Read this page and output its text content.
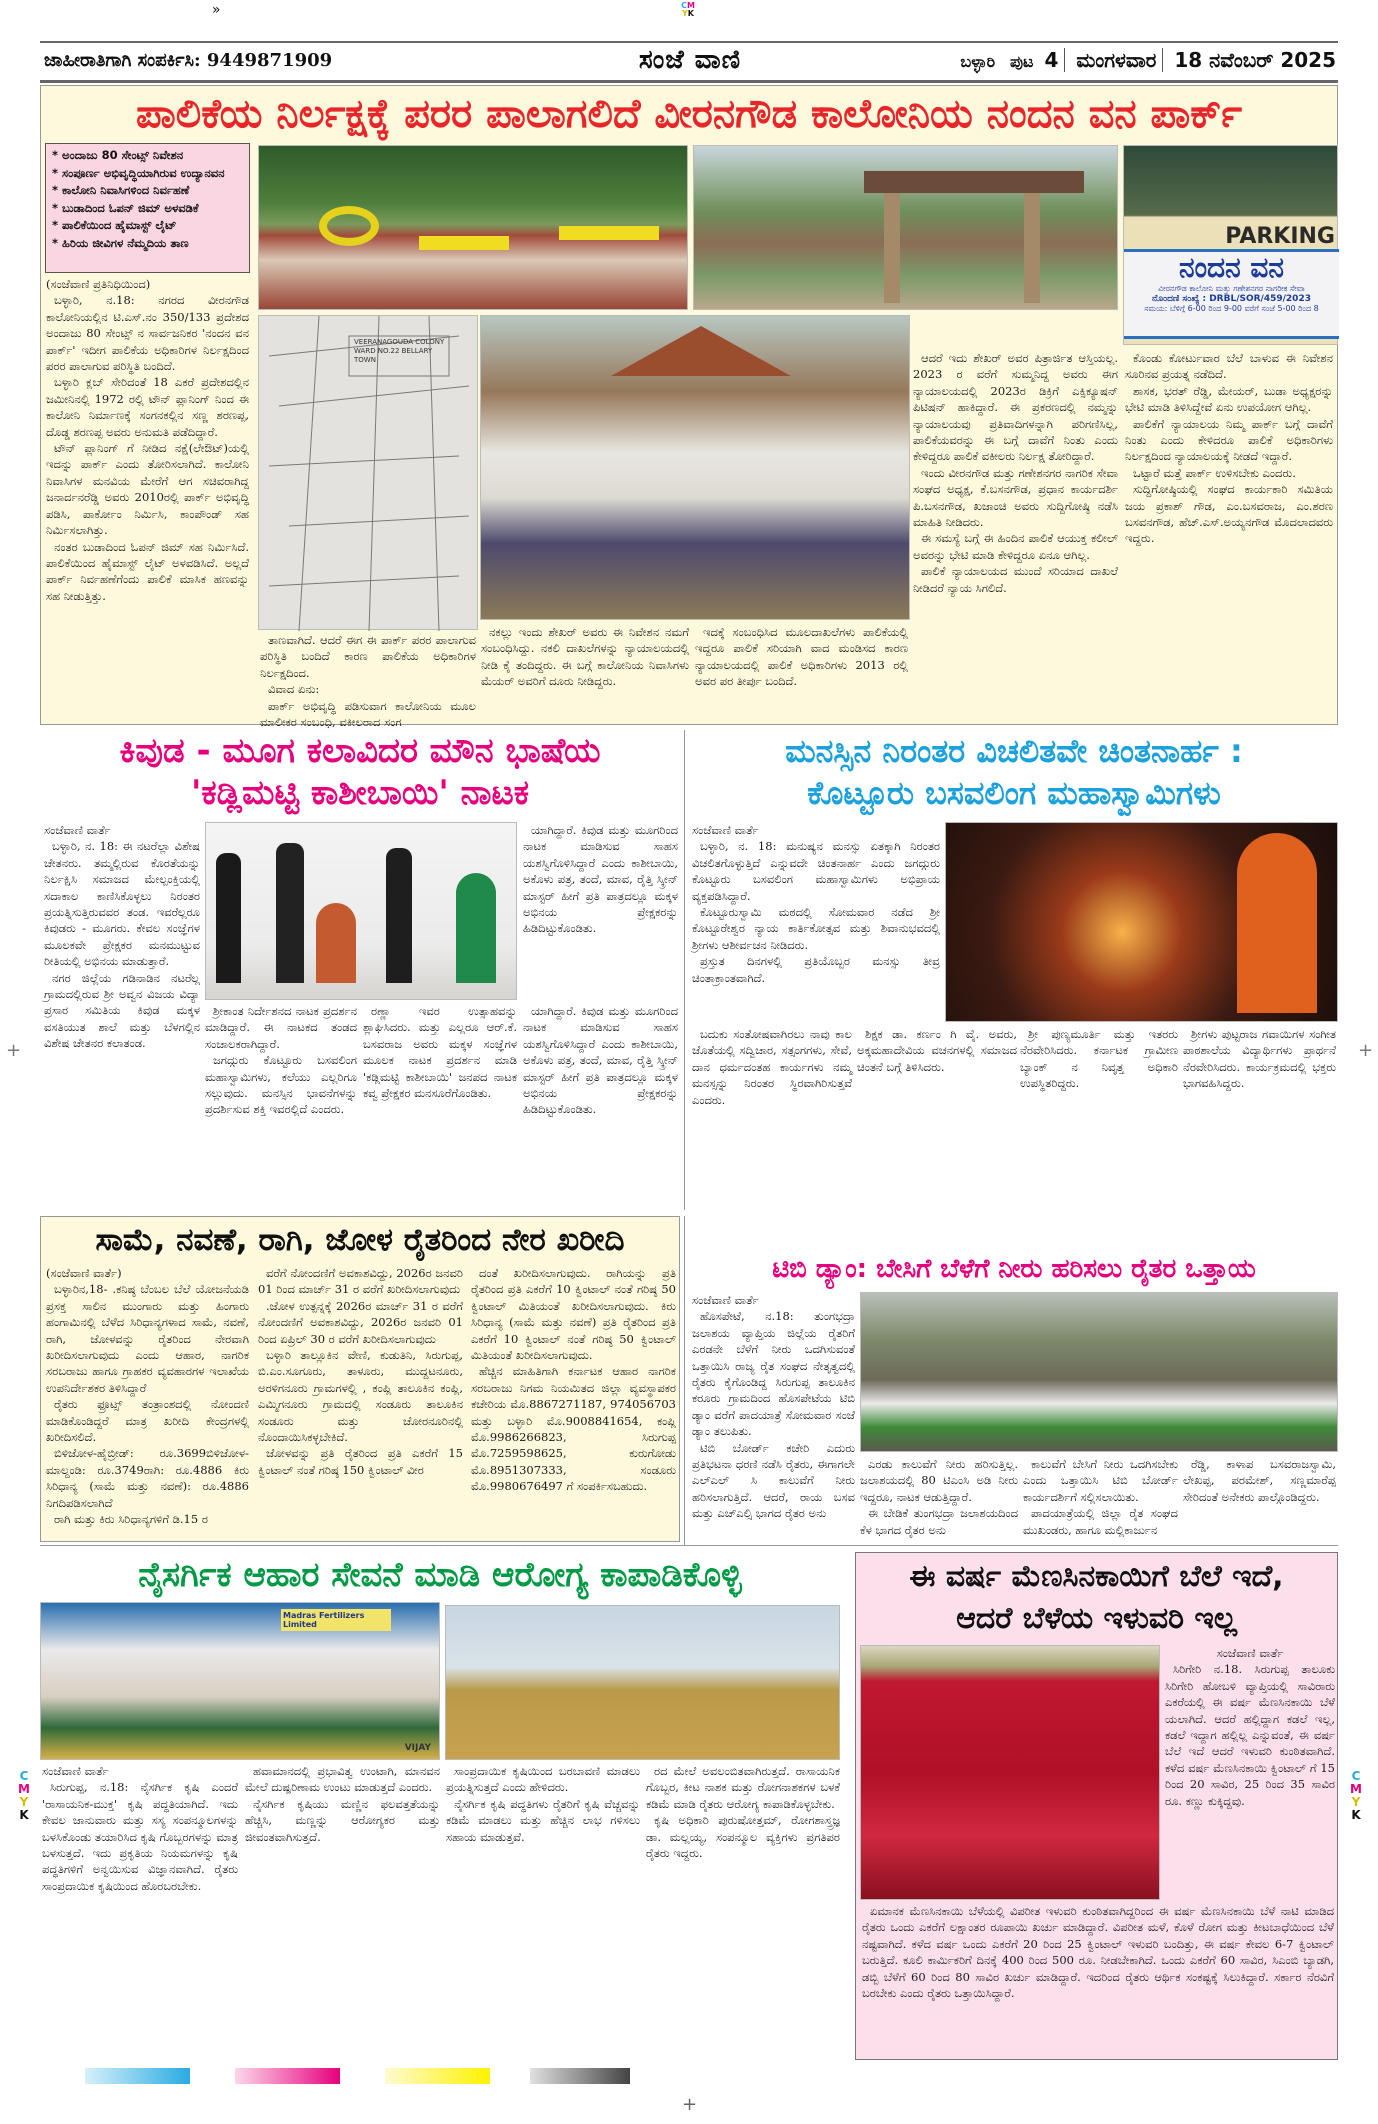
»	CM
YK
ಜಾಹೀರಾತಿಗಾಗಿ ಸಂಪರ್ಕಿಸಿ: 9449871909	ಸಂಜೆ ವಾಣಿ	ಬಳ್ಳಾರಿ ಪುಟ 4 ಮಂಗಳವಾರ 18 ನವೆಂಬರ್ 2025
ಪಾಲಿಕೆಯ ನಿರ್ಲಕ್ಷಕ್ಕೆ ಪರರ ಪಾಲಾಗಲಿದೆ ವೀರನಗೌಡ ಕಾಲೋನಿಯ ನಂದನ ವನ ಪಾರ್ಕ್
* ಅಂದಾಜು 80 ಸೇಂಟ್ಸ್ ನಿವೇಶನ
* ಸಂಪೂರ್ಣ ಅಭಿವೃದ್ಧಿಯಾಗಿರುವ ಉದ್ಯಾನವನ
* ಕಾಲೋನಿ ನಿವಾಸಿಗಳಿಂದ ನಿರ್ವಹಣೆ
* ಬುಡಾದಿಂದ ಓಪನ್ ಜಿಮ್ ಅಳವಡಿಕೆ
* ಪಾಲಿಕೆಯಿಂದ ಹೈಮಾಸ್ಟ್ ಲೈಟ್
* ಹಿರಿಯ ಜೀವಿಗಳ ನೆಮ್ಮದಿಯ ತಾಣ

(ಸಂಜೆವಾಣಿ ಪ್ರತಿನಿಧಿಯಿಂದ)

ಬಳ್ಳಾರಿ, ನ.18: ನಗರದ ವೀರನಗೌಡ ಕಾಲೋನಿಯಲ್ಲಿನ ಟಿ.ಎಸ್.ನಂ 350/133 ಪ್ರದೇಶದ ಅಂದಾಜು 80 ಸೇಂಟ್ಸ್ ನ ಸಾರ್ವಜನಿಕರ 'ನಂದನ ವನ ಪಾರ್ಕ್' ಇದೀಗ ಪಾಲಿಕೆಯ ಅಧಿಕಾರಿಗಳ ನಿರ್ಲಕ್ಷದಿಂದ ಪರರ ಪಾಲಾಗುವ ಪರಿಸ್ಥಿತಿ ಬಂದಿದೆ.

ಬಳ್ಳಾರಿ ಕ್ಲಬ್ ಸೇರಿದಂತೆ 18 ಎಕರೆ ಪ್ರದೇಶದಲ್ಲಿನ ಜಮೀನಿನಲ್ಲಿ 1972 ರಲ್ಲಿ ಟೌನ್ ಪ್ಲಾನಿಂಗ್ ನಿಂದ ಈ ಕಾಲೋನಿ ನಿರ್ಮಾಣಕ್ಕೆ ಸಂಗನಕಲ್ಲಿನ ಸಣ್ಣ ಶರಣಪ್ಪ, ದೊಡ್ಡ ಶರಣಪ್ಪ ಅವರು ಅನುಮತಿ ಪಡೆದಿದ್ದಾರೆ.

ಟೌನ್ ಪ್ಲಾನಿಂಗ್ ಗೆ ನೀಡಿದ ನಕ್ಷೆ(ಲೇಔಟ್)ಯಲ್ಲಿ ಇದನ್ನು ಪಾರ್ಕ್ ಎಂದು ತೋರಿಸಲಾಗಿದೆ. ಕಾಲೋನಿ ನಿವಾಸಿಗಳ ಮನವಿಯ ಮೇರೆಗೆ ಆಗ ಸಚಿವರಾಗಿದ್ದ ಜನಾರ್ದನರೆಡ್ಡಿ ಅವರು 2010ರಲ್ಲಿ ಪಾರ್ಕ್ ಅಭಿವೃದ್ಧಿ ಪಡಿಸಿ, ಪಾರ್ಕೋಂ ನಿರ್ಮಿಸಿ, ಕಾಂಪೌಂಡ್ ಸಹ ನಿರ್ಮಿಸಲಾಗಿತ್ತು.

ನಂತರ ಬುಡಾದಿಂದ ಓಪನ್ ಜಿಮ್ ಸಹ ನಿರ್ಮಿಸಿದೆ. ಪಾಲಿಕೆಯಿಂದ ಹೈಮಾಸ್ಟ್ ಲೈಟ್ ಅಳವಡಿಸಿದೆ. ಅಲ್ಲದೆ ಪಾರ್ಕ್ ನಿರ್ವಹಣೆಗೆಂದು ಪಾಲಿಕೆ ಮಾಸಿಕ ಹಣವನ್ನು ಸಹ ನೀಡುತ್ತಿತ್ತು.

PARKING
ನಂದನ ವನ
ವೀರನಗೌಡ ಕಾಲೋನಿ ಮತ್ತು ಗಣೇಶನಗರ ನಾಗರೀಕ ಸೇವಾ
ನೊಂದಣಿ ಸಂಖ್ಯೆ : DRBL/SOR/459/2023
ಸಮಯ: ಬೆಳಿಗ್ಗೆ 6-00 ರಿಂದ 9-00 ವರೆಗೆ ಸಂಜೆ 5-00 ರಿಂದ 8
VEERANAGOUDA COLONY WARD NO.22 BELLARY TOWN

ತಾಣವಾಗಿದೆ. ಆದರೆ ಈಗ ಈ ಪಾರ್ಕ್ ಪರರ ಪಾಲಾಗುವ ಪರಿಸ್ಥಿತಿ ಬಂದಿದೆ ಕಾರಣ ಪಾಲಿಕೆಯ ಅಧಿಕಾರಿಗಳ ನಿರ್ಲಕ್ಷದಿಂದ.

ವಿವಾದ ಏನು:

ಪಾರ್ಕ್ ಅಭಿವೃದ್ಧಿ ಪಡಿಸುವಾಗ ಕಾಲೋನಿಯ ಮೂಲ ಮಾಲೀಕರ ಸಂಬಂಧಿ, ವಕೀಲರಾದ ಸಂಗ

ನಕಲ್ಲು ಇಂದು ಶೇಖರ್ ಅವರು ಈ ನಿವೇಶನ ನಮಗೆ ಸಂಬಂಧಿಸಿದ್ದು. ನಕಲಿ ದಾಖಲೆಗಳನ್ನು ನ್ಯಾಯಾಲಯದಲ್ಲಿ ನೀಡಿ ಕೈ ತಂದಿದ್ದರು. ಈ ಬಗ್ಗೆ ಕಾಲೋನಿಯ ನಿವಾಸಿಗಳು ಮೆಯರ್ ಅವರಿಗೆ ದೂರು ನೀಡಿದ್ದರು.

ಇದಕ್ಕೆ ಸಂಬಂಧಿಸಿದ ಮೂಲದಾಖಲೆಗಳು ಪಾಲಿಕೆಯಲ್ಲಿ ಇದ್ದರೂ ಪಾಲಿಕೆ ಸರಿಯಾಗಿ ವಾದ ಮಂಡಿಸದ ಕಾರಣ ನ್ಯಾಯಾಲಯದಲ್ಲಿ ಪಾಲಿಕೆ ಅಧಿಕಾರಿಗಳು 2013 ರಲ್ಲಿ ಅವರ ಪರ ತೀರ್ಪು ಬಂದಿದೆ.

ಆದರೆ ಇದು ಶೇಖರ್ ಅವರ ಪಿತ್ರಾರ್ಜಿತ ಆಸ್ತಿಯಲ್ಲ. 2023 ರ ವರೆಗೆ ಸುಮ್ಮನಿದ್ದ ಅವರು ಈಗ ನ್ಯಾಯಾಲಯದಲ್ಲಿ 2023ರ ಡಿಕ್ರಿಗೆ ಎಕ್ಸಿಕ್ಯೂಷನ್ ಪಿಟಿಷನ್ ಹಾಕಿದ್ದಾರೆ. ಈ ಪ್ರಕರಣದಲ್ಲಿ ನಮ್ಮನ್ನು ನ್ಯಾಯಾಲಯವು ಪ್ರತಿವಾದಿಗಳನ್ನಾಗಿ ಪರಿಗಣಿಸಿಲ್ಲ, ಪಾಲಿಕೆಯವರನ್ನು ಈ ಬಗ್ಗೆ ದಾವೆಗೆ ನಿಂತು ಎಂದು ಕೇಳಿದ್ದರೂ ಪಾಲಿಕೆ ವಕೀಲರು ನಿರ್ಲಕ್ಷ ತೋರಿದ್ದಾರೆ.

ಇಂದು ವೀರನಗೌಡ ಮತ್ತು ಗಣೇಶನಗರ ನಾಗರಿಕ ಸೇವಾ ಸಂಘದ ಅಧ್ಯಕ್ಷ, ಕೆ.ಬಸನಗೌಡ, ಪ್ರಧಾನ ಕಾರ್ಯದರ್ಶಿ ಪಿ.ಬಸನಗೌಡ, ಖಜಾಂಚಿ ಅವರು ಸುದ್ದಿಗೋಷ್ಠಿ ನಡೆಸಿ ಮಾಹಿತಿ ನೀಡಿದರು.

ಈ ಸಮಸ್ಯೆ ಬಗ್ಗೆ ಈ ಹಿಂದಿನ ಪಾಲಿಕೆ ಆಯುಕ್ತ ಕಲೀಲ್ ಅವರನ್ನು ಭೇಟಿ ಮಾಡಿ ಕೇಳಿದ್ದರೂ ಏನೂ ಆಗಿಲ್ಲ.

ಪಾಲಿಕೆ ನ್ಯಾಯಾಲಯದ ಮುಂದೆ ಸರಿಯಾದ ದಾಖಲೆ ನೀಡಿದರೆ ನ್ಯಾಯ ಸಿಗಲಿದೆ.

ಕೊಂಡು ಕೋರ್ಟುವಾರ ಬೆಲೆ ಬಾಳುವ ಈ ನಿವೇಶನ ಸೂರಿನವ ಪ್ರಯತ್ನ ನಡೆದಿದೆ.

ಶಾಸಕ, ಭರತ್ ರೆಡ್ಡಿ, ಮೇಯರ್, ಬುಡಾ ಅಧ್ಯಕ್ಷರನ್ನು ಭೇಟಿ ಮಾಡಿ ತಿಳಿಸಿದ್ದೇವೆ ಏನು ಉಪಯೋಗ ಆಗಿಲ್ಲ.

ಪಾಲಿಕೆಗೆ ನ್ಯಾಯಾಲಯ ನಿಮ್ಮ ಪಾರ್ಕ್ ಬಗ್ಗೆ ದಾವೆಗೆ ನಿಂತು ಎಂದು ಕೇಳಿದರೂ ಪಾಲಿಕೆ ಅಧಿಕಾರಿಗಳು ನಿರ್ಲಕ್ಷದಿಂದ ನ್ಯಾಯಾಲಯಕ್ಕೆ ನೀಡದೆ ಇದ್ದಾರೆ.

ಒಟ್ಟಾರೆ ಮತ್ತೆ ಪಾರ್ಕ್ ಉಳಿಸಬೇಕು ಎಂದರು.

ಸುದ್ದಿಗೋಷ್ಠಿಯಲ್ಲಿ ಸಂಘದ ಕಾರ್ಯಕಾರಿ ಸಮಿತಿಯ ಜಯ ಪ್ರಕಾಶ್ ಗೌಡ, ಎಂ.ಬಸವರಾಜ, ಎಂ.ಶರಣ ಬಸವನಗೌಡ, ಹೆಚ್.ಎಸ್.ಅಯ್ಯನಗೌಡ ಮೊದಲಾದವರು ಇದ್ದರು.

ಕಿವುಡ - ಮೂಗ ಕಲಾವಿದರ ಮೌನ ಭಾಷೆಯ
'ಕಡ್ಲಿಮಟ್ಟಿ ಕಾಶೀಬಾಯಿ' ನಾಟಕ

ಸಂಜೆವಾಣಿ ವಾರ್ತೆ

ಬಳ್ಳಾರಿ, ನ. 18: ಈ ನಟರೆಲ್ಲಾ ವಿಶೇಷ ಚೇತನರು. ತಮ್ಮಲ್ಲಿರುವ ಕೊರತೆಯನ್ನು ನಿರ್ಲಕ್ಷಿಸಿ ಸಮಾಜದ ಮೇಲ್ಪಂಕ್ತಿಯಲ್ಲಿ ಸದಾಕಾಲ ಕಾಣಿಸಿಕೊಳ್ಳಲು ನಿರಂತರ ಪ್ರಯತ್ನಿಸುತ್ತಿರುವವರ ತಂಡ. ಇವರೆಲ್ಲರೂ ಕಿವುಡರು - ಮೂಗರು. ಕೇವಲ ಸಂಜ್ಞೆಗಳ ಮೂಲಕವೇ ಪ್ರೇಕ್ಷಕರ ಮನಮುಟ್ಟುವ ರೀತಿಯಲ್ಲಿ ಅಭಿನಯ ಮಾಡುತ್ತಾರೆ.

ನಗರ ಜಿಲ್ಲೆಯ ಗಡಿನಾಡಿನ ನಟರೆಲ್ಲ ಗ್ರಾಮದಲ್ಲಿರುವ ಶ್ರೀ ಅವ್ವನ ವಿಜಯ ವಿದ್ಯಾ ಪ್ರಸಾರ ಸಮಿತಿಯ ಕಿವುಡ ಮಕ್ಕಳ ವಸತಿಯುತ ಶಾಲೆ ಮತ್ತು ಬೆಳಗಲ್ಲಿನ ವಿಶೇಷ ಚೇತನರ ಕಲಾತಂಡ.

ಯಾಗಿದ್ದಾರೆ. ಕಿವುಡ ಮತ್ತು ಮೂಗರಿಂದ ನಾಟಕ ಮಾಡಿಸುವ ಸಾಹಸ ಯಶಸ್ವಿಗೊಳಿಸಿದ್ದಾರೆ ಎಂದು ಕಾಶೀಬಾಯಿ, ಅಕೊಳು ಪತ್ರ, ತಂದೆ, ಮಾವ, ರೈತ್ತಿ ಸ್ಕ್ರೀನ್ ಮಾಸ್ಟರ್ ಹೀಗೆ ಪ್ರತಿ ಪಾತ್ರದಲ್ಲೂ ಮಕ್ಕಳ ಅಭಿನಯ ಪ್ರೇಕ್ಷಕರನ್ನು ಹಿಡಿದಿಟ್ಟುಕೊಂಡಿತು.

ಶ್ರೀಕಾಂತ ನಿರ್ದೇಶನದ ನಾಟಕ ಪ್ರದರ್ಶನ ಮಾಡಿದ್ದಾರೆ. ಈ ನಾಟಕದ ತಂಡದ ಸಂಚಾಲಕರಾಗಿದ್ದಾರೆ.

ಜಗದ್ಗುರು ಕೊಟ್ಟೂರು ಬಸವಲಿಂಗ ಮಹಾಸ್ವಾಮಿಗಳು, ಕಲೆಯು ಎಲ್ಲರಿಗೂ ಸಲ್ಲುವುದು. ಮನಸ್ಸಿನ ಭಾವನೆಗಳನ್ನು ಪ್ರದರ್ಶಿಸುವ ಶಕ್ತಿ ಇವರಲ್ಲಿದೆ ಎಂದರು.

ರಣ್ಣಾ ಇವರ ಉತ್ಸಾಹವನ್ನು ಶ್ಲಾಘಿಸಿದರು. ಮತ್ತು ಎಲ್ಲರೂ ಆರ್.ಕೆ. ಬಸವರಾಜ ಅವರು ಮಕ್ಕಳ ಸಂಜ್ಞೆಗಳ ಮೂಲಕ ನಾಟಕ ಪ್ರದರ್ಶನ ಮಾಡಿ 'ಕಡ್ಲಿಮಟ್ಟಿ ಕಾಶೀಬಾಯಿ' ಜನಪದ ನಾಟಕ ಕವ್ವ ಪ್ರೇಕ್ಷಕರ ಮನಸೂರೆಗೊಂಡಿತು.

ಯಾಗಿದ್ದಾರೆ. ಕಿವುಡ ಮತ್ತು ಮೂಗರಿಂದ ನಾಟಕ ಮಾಡಿಸುವ ಸಾಹಸ ಯಶಸ್ವಿಗೊಳಿಸಿದ್ದಾರೆ ಎಂದು ಕಾಶೀಬಾಯಿ, ಅಕೊಳು ಪತ್ರ, ತಂದೆ, ಮಾವ, ರೈತ್ತಿ ಸ್ಕ್ರೀನ್ ಮಾಸ್ಟರ್ ಹೀಗೆ ಪ್ರತಿ ಪಾತ್ರದಲ್ಲೂ ಮಕ್ಕಳ ಅಭಿನಯ ಪ್ರೇಕ್ಷಕರನ್ನು ಹಿಡಿದಿಟ್ಟುಕೊಂಡಿತು.

ಮನಸ್ಸಿನ ನಿರಂತರ ವಿಚಲಿತವೇ ಚಿಂತನಾರ್ಹ :
ಕೊಟ್ಟೂರು ಬಸವಲಿಂಗ ಮಹಾಸ್ವಾಮಿಗಳು

ಸಂಜೆವಾಣಿ ವಾರ್ತೆ

ಬಳ್ಳಾರಿ, ನ. 18: ಮನುಷ್ಯನ ಮನಸ್ಸು ಏತಕ್ಕಾಗಿ ನಿರಂತರ ವಿಚಲಿತಗೊಳ್ಳುತ್ತಿದೆ ಎನ್ನುವದೇ ಚಿಂತನಾರ್ಹ ಎಂದು ಜಗದ್ಗುರು ಕೊಟ್ಟೂರು ಬಸವಲಿಂಗ ಮಹಾಸ್ವಾಮಿಗಳು ಅಭಿಪ್ರಾಯ ವ್ಯಕ್ತಪಡಿಸಿದ್ದಾರೆ.

ಕೊಟ್ಟೂರುಸ್ವಾಮಿ ಮಠದಲ್ಲಿ ಸೋಮವಾರ ನಡೆದ ಶ್ರೀ ಕೊಟ್ಟೂರೇಶ್ವರ ನ್ಯಾಯ ಕಾರ್ತಿಕೋತ್ಸವ ಮತ್ತು ಶಿವಾನುಭವದಲ್ಲಿ ಶ್ರೀಗಳು ಆಶೀರ್ವಚನ ನೀಡಿದರು.

ಪ್ರಸ್ತುತ ದಿನಗಳಲ್ಲಿ ಪ್ರತಿಯೊಬ್ಬರ ಮನಸ್ಸು ತೀವ್ರ ಚಿಂತಾಕ್ರಾಂತವಾಗಿದೆ.

ಬದುಕು ಸಂತೋಷವಾಗಿರಲು ನಾವು ಕಾಲ ಜೊತೆಯಲ್ಲಿ ಸದ್ವಿಚಾರ, ಸತ್ಸಂಗಗಳು, ಸೇವೆ, ದಾನ ಧರ್ಮದಂತಹ ಕಾರ್ಯಗಳು ನಮ್ಮ ಮನಸ್ಸನ್ನು ನಿರಂತರ ಸ್ಥಿರವಾಗಿರಿಸುತ್ತವೆ ಎಂದರು.

ಶಿಕ್ಷಕ ಡಾ. ಕರ್ಣಂ ಗಿ ವೈ. ಅವರು, ಅಕ್ಕಮಹಾದೇವಿಯ ವಚನಗಳಲ್ಲಿ ಸಮಾಜದ ಚಿಂತನೆ ಬಗ್ಗೆ ತಿಳಿಸಿದರು.

ಶ್ರೀ ಪುಣ್ಯಮೂರ್ತಿ ಮತ್ತು ಇತರರು ನೆರವೇರಿಸಿದರು. ಕರ್ನಾಟಕ ಗ್ರಾಮೀಣ ಬ್ಯಾಂಕ್ ನ ನಿವೃತ್ತ ಅಧಿಕಾರಿ ಉಪಸ್ಥಿತರಿದ್ದರು.

ಶ್ರೀಗಳು ಪುಟ್ಟರಾಜ ಗವಾಯಿಗಳ ಸಂಗೀತ ಪಾಠಶಾಲೆಯ ವಿದ್ಯಾರ್ಥಿಗಳು ಪ್ರಾರ್ಥನೆ ನೆರವೇರಿಸಿದರು. ಕಾರ್ಯಕ್ರಮದಲ್ಲಿ ಭಕ್ತರು ಭಾಗವಹಿಸಿದ್ದರು.

ಸಾಮೆ, ನವಣೆ, ರಾಗಿ, ಜೋಳ ರೈತರಿಂದ ನೇರ ಖರೀದಿ

(ಸಂಜೆವಾಣಿ ವಾರ್ತೆ)

ಬಳ್ಳಾರಿನ,18- .ಕನಿಷ್ಠ ಬೆಂಬಲ ಬೆಲೆ ಯೋಜನೆಯಡಿ ಪ್ರಸಕ್ತ ಸಾಲಿನ ಮುಂಗಾರು ಮತ್ತು ಹಿಂಗಾರು ಹಂಗಾಮಿನಲ್ಲಿ ಬೆಳೆದ ಸಿರಿಧಾನ್ಯಗಳಾದ ಸಾಮೆ, ನವಣೆ, ರಾಗಿ, ಜೋಳವನ್ನು ರೈತರಿಂದ ನೇರವಾಗಿ ಖರೀದಿಸಲಾಗುವುದು ಎಂದು ಆಹಾರ, ನಾಗರಿಕ ಸರಬರಾಜು ಹಾಗೂ ಗ್ರಾಹಕರ ವ್ಯವಹಾರಗಳ ಇಲಾಖೆಯ ಉಪನಿರ್ದೇಶಕರ ತಿಳಿಸಿದ್ದಾರೆ

ರೈತರು ಫ್ರೂಟ್ಸ್ ತಂತ್ರಾಂಶದಲ್ಲಿ ನೋಂದಣಿ ಮಾಡಿಕೊಂಡಿದ್ದರೆ ಮಾತ್ರ ಖರೀದಿ ಕೇಂದ್ರಗಳಲ್ಲಿ ಖರೀದಿಸಲಿದೆ.

ಬಿಳಿಜೋಳ-ಹೈಬ್ರೀಡ್: ರೂ.3699ಬಿಳಿಜೋಳ- ಮಾಲ್ದಂಡಿ: ರೂ.3749ರಾಗಿ: ರೂ.4886 ಕಿರು ಸಿರಿಧಾನ್ಯ (ಸಾಮೆ ಮತ್ತು ನವಣೆ): ರೂ.4886 ನಿಗದಿಪಡಿಸಲಾಗಿದೆ

ರಾಗಿ ಮತ್ತು ಕಿರು ಸಿರಿಧಾನ್ಯಗಳಿಗೆ ಡಿ.15 ರ

ವರೆಗೆ ನೋಂದಣಿಗೆ ಅವಕಾಶವಿದ್ದು, 2026ರ ಜನವರಿ 01 ರಿಂದ ಮಾರ್ಚ್ 31 ರ ವರೆಗೆ ಖರೀದಿಸಲಾಗುವುದು

.ಜೋಳ ಉತ್ಪನ್ನಕ್ಕೆ 2026ರ ಮಾರ್ಚ್ 31 ರ ವರೆಗೆ ನೋಂದಣಿಗೆ ಅವಕಾಶವಿದ್ದು, 2026ರ ಜನವರಿ 01 ರಿಂದ ಏಪ್ರಿಲ್ 30 ರ ವರೆಗೆ ಖರೀದಿಸಲಾಗುವುದು

ಬಳ್ಳಾರಿ ತಾಲ್ಲೂಕಿನ ವೇಣಿ, ಕುಡುತಿನಿ, ಸಿರುಗುಪ್ಪ, ಬಿ.ಎಂ.ಸೂಗೂರು, ತಾಳೂರು, ಮುದ್ದಟನೂರು, ಅರಳಿಗನೂರು ಗ್ರಾಮಗಳಲ್ಲಿ , ಕಂಪ್ಲಿ ತಾಲೂಕಿನ ಕಂಪ್ಲಿ, ಎಮ್ಮಿಗನೂರು ಗ್ರಾಮದಲ್ಲಿ ಸಂಡೂರು ತಾಲೂಕಿನ ಸಂಡೂರು ಮತ್ತು ಚೋರನೂರಿನಲ್ಲಿ ನೊಂದಾಯಿಸಿಕಳ್ಳಬೇಕಿದೆ.

ಜೋಳವನ್ನು ಪ್ರತಿ ರೈತರಿಂದ ಪ್ರತಿ ಎಕರೆಗೆ 15 ಕ್ವಿಂಟಾಲ್ ನಂತೆ ಗರಿಷ್ಠ 150 ಕ್ವಿಂಟಾಲ್ ವೀರ

ದಂತೆ ಖರೀದಿಸಲಾಗುವುದು. ರಾಗಿಯನ್ನು ಪ್ರತಿ ರೈತರಿಂದ ಪ್ರತಿ ಎಕರೆಗೆ 10 ಕ್ವಿಂಟಾಲ್ ನಂತೆ ಗರಿಷ್ಠ 50 ಕ್ವಿಂಟಾಲ್ ಮಿತಿಯಂತೆ ಖರೀದಿಸಲಾಗುವುದು. ಕಿರು ಸಿರಿಧಾನ್ಯ (ಸಾಮೆ ಮತ್ತು ನವಣೆ) ಪ್ರತಿ ರೈತರಿಂದ ಪ್ರತಿ ಎಕರೆಗೆ 10 ಕ್ವಿಂಟಾಲ್ ನಂತೆ ಗರಿಷ್ಠ 50 ಕ್ವಿಂಟಾಲ್ ಮಿತಿಯಂತೆ ಖರೀದಿಸಲಾಗುವುದು.

ಹೆಚ್ಚಿನ ಮಾಹಿತಿಗಾಗಿ ಕರ್ನಾಟಕ ಆಹಾರ ನಾಗರಿಕ ಸರಬರಾಜು ನಿಗಮ ನಿಯಮಿತದ ಜಿಲ್ಲಾ ವ್ಯವಸ್ಥಾಪಕರ ಕಚೇರಿಯ ಮೊ.8867271187, 974056703 ಮತ್ತು ಬಳ್ಳಾರಿ ಮೊ.9008841654, ಕಂಪ್ಲಿ ಮೊ.9986266823, ಸಿರುಗುಪ್ಪ ಮೊ.7259598625, ಕುರುಗೋಡು ಮೊ.8951307333, ಸಂಡೂರು ಮೊ.9980676497 ಗೆ ಸಂಪರ್ಕಿಸಬಹುದು.

ಟಿಬಿ ಡ್ಯಾಂ: ಬೇಸಿಗೆ ಬೆಳೆಗೆ ನೀರು ಹರಿಸಲು ರೈತರ ಒತ್ತಾಯ

ಸಂಜೆವಾಣಿ ವಾರ್ತೆ

ಹೊಸಪೇಟೆ, ನ.18: ತುಂಗಭದ್ರಾ ಜಲಾಶಯ ವ್ಯಾಪ್ತಿಯ ಜಿಲ್ಲೆಯ ರೈತರಿಗೆ ಎರಡನೇ ಬೆಳೆಗೆ ನೀರು ಒದಗಿಸುವಂತೆ ಒತ್ತಾಯಿಸಿ ರಾಜ್ಯ ರೈತ ಸಂಘದ ನೇತೃತ್ವದಲ್ಲಿ ರೈತರು ಕೈಗೊಂಡಿದ್ದ ಸಿರುಗುಪ್ಪ ತಾಲೂಕಿನ ಕರೂರು ಗ್ರಾಮದಿಂದ ಹೊಸಪೇಟೆಯ ಟಿಬಿ ಡ್ಯಾಂ ವರೆಗೆ ಪಾದಯಾತ್ರೆ ಸೋಮವಾರ ಸಂಜೆ ಡ್ಯಾಂ ತಲುಪಿತು.

ಟಿಬಿ ಬೋರ್ಡ್ ಕಚೇರಿ ಎದುರು ಪ್ರತಿಭಟನಾ ಧರಣಿ ನಡೆಸಿ ರೈತರು, ಈಗಾಗಲೇ ಎಲ್ಎಲ್ ಸಿ ಕಾಲುವೆಗೆ ನೀರು ಹರಿಸಲಾಗುತ್ತಿದೆ. ಆದರೆ, ರಾಯ ಬಸವ ಮತ್ತು ಎಚ್ಎಲ್ಸಿ ಭಾಗದ ರೈತರ ಅನು

ಎರಡು ಕಾಲುವೆಗೆ ನೀರು ಹರಿಸುತ್ತಿಲ್ಲ. ಜಲಾಶಯದಲ್ಲಿ 80 ಟಿಎಂಸಿ ಅಡಿ ನೀರು ಇದ್ದರೂ, ನಾಟಕ ಆಡುತ್ತಿದ್ದಾರೆ.

ಈ ಬೇಡಿಕೆ ತುಂಗಭದ್ರಾ ಜಲಾಶಯದಿಂದ ಕೆಳ ಭಾಗದ ರೈತರ ಅನು

ಕಾಲುವೆಗೆ ಬೇಸಿಗೆ ನೀರು ಒದಗಿಸಬೇಕು ಎಂದು ಒತ್ತಾಯಿಸಿ ಟಿಬಿ ಬೋರ್ಡ್ ಕಾರ್ಯದರ್ಶಿಗೆ ಸಲ್ಲಿಸಲಾಯಿತು.

ಪಾದಯಾತ್ರೆಯಲ್ಲಿ ಜಿಲ್ಲಾ ರೈತ ಸಂಘದ ಮುಖಂಡರು, ಹಾಗೂ ಮಲ್ಲಿಕಾರ್ಜುನ

ರೆಡ್ಡಿ, ಕಾಳಾಪ ಬಸವರಾಜಸ್ವಾಮಿ, ಲೇಖಪ್ಪ, ಪರಮೇಶ್, ಸಣ್ಣಮಾರೆಪ್ಪ ಸೇರಿದಂತೆ ಅನೇಕರು ಪಾಲ್ಗೊಂಡಿದ್ದರು.

ನೈಸರ್ಗಿಕ ಆಹಾರ ಸೇವನೆ ಮಾಡಿ ಆರೋಗ್ಯ ಕಾಪಾಡಿಕೊಳ್ಳಿ
Madras Fertilizers Limited
VIJAY

ಸಂಜೆವಾಣಿ ವಾರ್ತೆ

ಸಿರುಗುಪ್ಪ, ನ.18: ನೈಸರ್ಗಿಕ ಕೃಷಿ ಎಂದರೆ 'ರಾಸಾಯನಿಕ-ಮುಕ್ತ' ಕೃಷಿ ಪದ್ಧತಿಯಾಗಿದೆ. ಇದು ಕೇವಲ ಜಾನುವಾರು ಮತ್ತು ಸಸ್ಯ ಸಂಪನ್ಮೂಲಗಳನ್ನು ಬಳಸಿಕೊಂಡು ತಯಾರಿಸಿದ ಕೃಷಿ ಗೊಬ್ಬರಗಳನ್ನು ಮಾತ್ರ ಬಳಸುತ್ತದೆ. ಇದು ಪ್ರಕೃತಿಯ ನಿಯಮಗಳನ್ನು ಕೃಷಿ ಪದ್ಧತಿಗಳಿಗೆ ಅನ್ವಯಿಸುವ ವಿಜ್ಞಾನವಾಗಿದೆ. ರೈತರು ಸಾಂಪ್ರದಾಯಿಕ ಕೃಷಿಯಿಂದ ಹೊರಬರಬೇಕು.

ಹವಾಮಾನದಲ್ಲಿ ಪ್ರಭಾವಿತ್ವ ಉಂಟಾಗಿ, ಮಾನವನ ಮೇಲೆ ದುಷ್ಪರಿಣಾಮ ಉಂಟು ಮಾಡುತ್ತದೆ ಎಂದರು.

ನೈಸರ್ಗಿಕ ಕೃಷಿಯು ಮಣ್ಣಿನ ಫಲವತ್ತತೆಯನ್ನು ಹೆಚ್ಚಿಸಿ, ಮಣ್ಣನ್ನು ಆರೋಗ್ಯಕರ ಮತ್ತು ಜೀವಂತವಾಗಿಸುತ್ತದೆ.

ಸಾಂಪ್ರದಾಯಿಕ ಕೃಷಿಯಿಂದ ಬರಬಾವಣಿ ಮಾಡಲು ಪ್ರಯತ್ನಿಸುತ್ತದೆ ಎಂದು ಹೇಳಿದರು.

ನೈಸರ್ಗಿಕ ಕೃಷಿ ಪದ್ಧತಿಗಳು ರೈತರಿಗೆ ಕೃಷಿ ವೆಚ್ಚವನ್ನು ಕಡಿಮೆ ಮಾಡಲು ಮತ್ತು ಹೆಚ್ಚಿನ ಲಾಭ ಗಳಿಸಲು ಸಹಾಯ ಮಾಡುತ್ತವೆ.

ರದ ಮೇಲೆ ಅವಲಂಬಿತವಾಗಿರುತ್ತದೆ. ರಾಸಾಯನಿಕ ಗೊಬ್ಬರ, ಕೀಟ ನಾಶಕ ಮತ್ತು ರೋಗನಾಶಕಗಳ ಬಳಕೆ ಕಡಿಮೆ ಮಾಡಿ ರೈತರು ಆರೋಗ್ಯ ಕಾಪಾಡಿಕೊಳ್ಳಬೇಕು.

ಕೃಷಿ ಅಧಿಕಾರಿ ಪುರುಷೋತ್ತಮ್, ರೋಗಶಾಸ್ತ್ರಜ್ಞ ಡಾ. ಮಲ್ಲಯ್ಯ, ಸಂಪನ್ಮೂಲ ವ್ಯಕ್ತಿಗಳು ಪ್ರಗತಿಪರ ರೈತರು ಇದ್ದರು.

ಈ ವರ್ಷ ಮೆಣಸಿನಕಾಯಿಗೆ ಬೆಲೆ ಇದೆ,
ಆದರೆ ಬೆಳೆಯ ಇಳುವರಿ ಇಲ್ಲ

ಸಂಜೆವಾಣಿ ವಾರ್ತೆ

ಸಿರಿಗೇರಿ ನ.18. ಸಿರುಗುಪ್ಪ ತಾಲೂಕು ಸಿರಿಗೇರಿ ಹೋಬಳಿ ವ್ಯಾಪ್ತಿಯಲ್ಲಿ ಸಾವಿರಾರು ಎಕರೆಯಲ್ಲಿ ಈ ವರ್ಷ ಮೆಣಸಿನಕಾಯಿ ಬೆಳೆ ಯಲಾಗಿದೆ. ಆದರೆ ಹಲ್ಲಿದ್ದಾಗ ಕಡಲೆ ಇಲ್ಲ, ಕಡಲೆ ಇದ್ದಾಗ ಹಲ್ಲಿಲ್ಲ ಎನ್ನುವಂತೆ, ಈ ವರ್ಷ ಬೆಲೆ ಇದೆ ಆದರೆ ಇಳುವರಿ ಕುಂಠಿತವಾಗಿದೆ. ಕಳೆದ ವರ್ಷ ಮೆಣಸಿನಕಾಯಿ ಕ್ವಿಂಟಾಲ್ ಗೆ 15 ರಿಂದ 20 ಸಾವಿರ, 25 ರಿಂದ 35 ಸಾವಿರ ರೂ. ಕಣ್ಣು ಕುಕ್ಕಿದ್ದವು.

ಏಮಾನಕ ಮೆಣಸಿನಕಾಯಿ ಬೆಳೆಯಲ್ಲಿ ವಿಪರೀತ ಇಳುವರಿ ಕುಂಠಿತವಾಗಿದ್ದರಿಂದ ಈ ವರ್ಷ ಮೆಣಸಿನಕಾಯಿ ಬೆಳೆ ನಾಟಿ ಮಾಡಿದ ರೈತರು ಒಂದು ಎಕರೆಗೆ ಲಕ್ಷಾಂತರ ರೂಪಾಯಿ ಖರ್ಚು ಮಾಡಿದ್ದಾರೆ. ವಿಪರೀತ ಮಳೆ, ಕೊಳೆ ರೋಗ ಮತ್ತು ಕೀಟಬಾಧೆಯಿಂದ ಬೆಳೆ ನಷ್ಟವಾಗಿದೆ. ಕಳೆದ ವರ್ಷ ಒಂದು ಎಕರೆಗೆ 20 ರಿಂದ 25 ಕ್ವಿಂಟಾಲ್ ಇಳುವರಿ ಬಂದಿತ್ತು, ಈ ವರ್ಷ ಕೇವಲ 6-7 ಕ್ವಿಂಟಾಲ್ ಬರುತ್ತಿದೆ. ಕೂಲಿ ಕಾರ್ಮಿಕರಿಗೆ ದಿನಕ್ಕೆ 400 ರಿಂದ 500 ರೂ. ನೀಡಬೇಕಾಗಿದೆ. ಒಂದು ಎಕರೆಗೆ 60 ಸಾವಿರ, ಸಿಎಂಬಿ ಬ್ಯಾಡಗಿ, ಡಬ್ಬಿ ಬೆಳೆಗೆ 60 ರಿಂದ 80 ಸಾವಿರ ಖರ್ಚು ಮಾಡಿದ್ದಾರೆ. ಇದರಿಂದ ರೈತರು ಆರ್ಥಿಕ ಸಂಕಷ್ಟಕ್ಕೆ ಸಿಲುಕಿದ್ದಾರೆ. ಸರ್ಕಾರ ನೆರವಿಗೆ ಬರಬೇಕು ಎಂದು ರೈತರು ಒತ್ತಾಯಿಸಿದ್ದಾರೆ.

+
C
M
Y
K
C
M
Y
K
+	+
